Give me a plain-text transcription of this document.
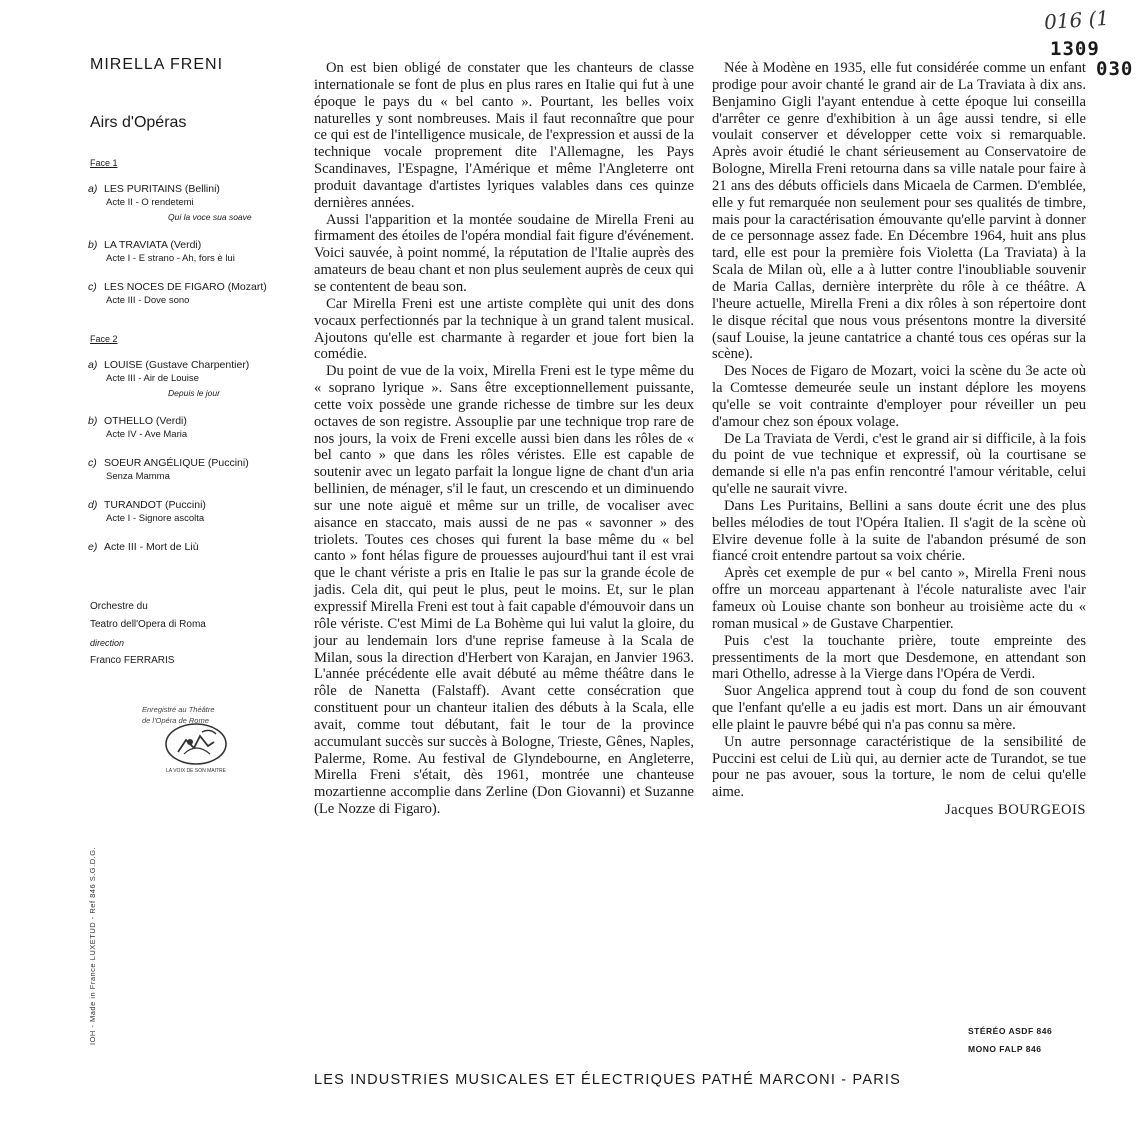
016 (1
1309
030
MIRELLA FRENI
Airs d'Opéras
Face 1
a) LES PURITAINS (Bellini)
Acte II - O rendetemi
Qui la voce sua soave
b) LA TRAVIATA (Verdi)
Acte I - E strano - Ah, fors è lui
c) LES NOCES DE FIGARO (Mozart)
Acte III - Dove sono
Face 2
a) LOUISE (Gustave Charpentier)
Acte III - Air de Louise
Depuis le jour
b) OTHELLO (Verdi)
Acte IV - Ave Maria
c) SOEUR ANGÉLIQUE (Puccini)
Senza Mamma
d) TURANDOT (Puccini)
Acte I - Signore ascolta
e) Acte III - Mort de Liù
Orchestre du
Teatro dell'Opera di Roma
direction
Franco FERRARIS
Enregistré au Théâtre
de l'Opéra de Rome
LA VOIX DE SON MAITRE
IOH - Made in France LUXETUD - Ref 846 S.G.D.G.

On est bien obligé de constater que les chanteurs de classe internationale se font de plus en plus rares en Italie qui fut à une époque le pays du « bel canto ». Pourtant, les belles voix naturelles y sont nombreuses. Mais il faut reconnaître que pour ce qui est de l'intelligence musicale, de l'expression et aussi de la technique vocale proprement dite l'Allemagne, les Pays Scandinaves, l'Espagne, l'Amérique et même l'Angleterre ont produit davantage d'artistes lyriques valables dans ces quinze dernières années.

Aussi l'apparition et la montée soudaine de Mirella Freni au firmament des étoiles de l'opéra mondial fait figure d'événement. Voici sauvée, à point nommé, la réputation de l'Italie auprès des amateurs de beau chant et non plus seulement auprès de ceux qui se contentent de beau son.

Car Mirella Freni est une artiste complète qui unit des dons vocaux perfectionnés par la technique à un grand talent musical. Ajoutons qu'elle est charmante à regarder et joue fort bien la comédie.

Du point de vue de la voix, Mirella Freni est le type même du « soprano lyrique ». Sans être exceptionnellement puissante, cette voix possède une grande richesse de timbre sur les deux octaves de son registre. Assouplie par une technique trop rare de nos jours, la voix de Freni excelle aussi bien dans les rôles de « bel canto » que dans les rôles véristes. Elle est capable de soutenir avec un legato parfait la longue ligne de chant d'un aria bellinien, de ménager, s'il le faut, un crescendo et un diminuendo sur une note aiguë et même sur un trille, de vocaliser avec aisance en staccato, mais aussi de ne pas « savonner » des triolets. Toutes ces choses qui furent la base même du « bel canto » font hélas figure de prouesses aujourd'hui tant il est vrai que le chant vériste a pris en Italie le pas sur la grande école de jadis. Cela dit, qui peut le plus, peut le moins. Et, sur le plan expressif Mirella Freni est tout à fait capable d'émouvoir dans un rôle vériste. C'est Mimi de La Bohème qui lui valut la gloire, du jour au lendemain lors d'une reprise fameuse à la Scala de Milan, sous la direction d'Herbert von Karajan, en Janvier 1963. L'année précédente elle avait débuté au même théâtre dans le rôle de Nanetta (Falstaff). Avant cette consécration que constituent pour un chanteur italien des débuts à la Scala, elle avait, comme tout débutant, fait le tour de la province accumulant succès sur succès à Bologne, Trieste, Gênes, Naples, Palerme, Rome. Au festival de Glyndebourne, en Angleterre, Mirella Freni s'était, dès 1961, montrée une chanteuse mozartienne accomplie dans Zerline (Don Giovanni) et Suzanne (Le Nozze di Figaro).

Née à Modène en 1935, elle fut considérée comme un enfant prodige pour avoir chanté le grand air de La Traviata à dix ans. Benjamino Gigli l'ayant entendue à cette époque lui conseilla d'arrêter ce genre d'exhibition à un âge aussi tendre, si elle voulait conserver et développer cette voix si remarquable. Après avoir étudié le chant sérieusement au Conservatoire de Bologne, Mirella Freni retourna dans sa ville natale pour faire à 21 ans des débuts officiels dans Micaela de Carmen. D'emblée, elle y fut remarquée non seulement pour ses qualités de timbre, mais pour la caractérisation émouvante qu'elle parvint à donner de ce personnage assez fade. En Décembre 1964, huit ans plus tard, elle est pour la première fois Violetta (La Traviata) à la Scala de Milan où, elle a à lutter contre l'inoubliable souvenir de Maria Callas, dernière interprète du rôle à ce théâtre. A l'heure actuelle, Mirella Freni a dix rôles à son répertoire dont le disque récital que nous vous présentons montre la diversité (sauf Louise, la jeune cantatrice a chanté tous ces opéras sur la scène).

Des Noces de Figaro de Mozart, voici la scène du 3e acte où la Comtesse demeurée seule un instant déplore les moyens qu'elle se voit contrainte d'employer pour réveiller un peu d'amour chez son époux volage.

De La Traviata de Verdi, c'est le grand air si difficile, à la fois du point de vue technique et expressif, où la courtisane se demande si elle n'a pas enfin rencontré l'amour véritable, celui qu'elle ne saurait vivre.

Dans Les Puritains, Bellini a sans doute écrit une des plus belles mélodies de tout l'Opéra Italien. Il s'agit de la scène où Elvire devenue folle à la suite de l'abandon présumé de son fiancé croit entendre partout sa voix chérie.

Après cet exemple de pur « bel canto », Mirella Freni nous offre un morceau appartenant à l'école naturaliste avec l'air fameux où Louise chante son bonheur au troisième acte du « roman musical » de Gustave Charpentier.

Puis c'est la touchante prière, toute empreinte des pressentiments de la mort que Desdemone, en attendant son mari Othello, adresse à la Vierge dans l'Opéra de Verdi.

Suor Angelica apprend tout à coup du fond de son couvent que l'enfant qu'elle a eu jadis est mort. Dans un air émouvant elle plaint le pauvre bébé qui n'a pas connu sa mère.

Un autre personnage caractéristique de la sensibilité de Puccini est celui de Liù qui, au dernier acte de Turandot, se tue pour ne pas avouer, sous la torture, le nom de celui qu'elle aime.

Jacques BOURGEOIS
STÉRÉO ASDF 846
MONO FALP 846
LES INDUSTRIES MUSICALES ET ÉLECTRIQUES PATHÉ MARCONI - PARIS
